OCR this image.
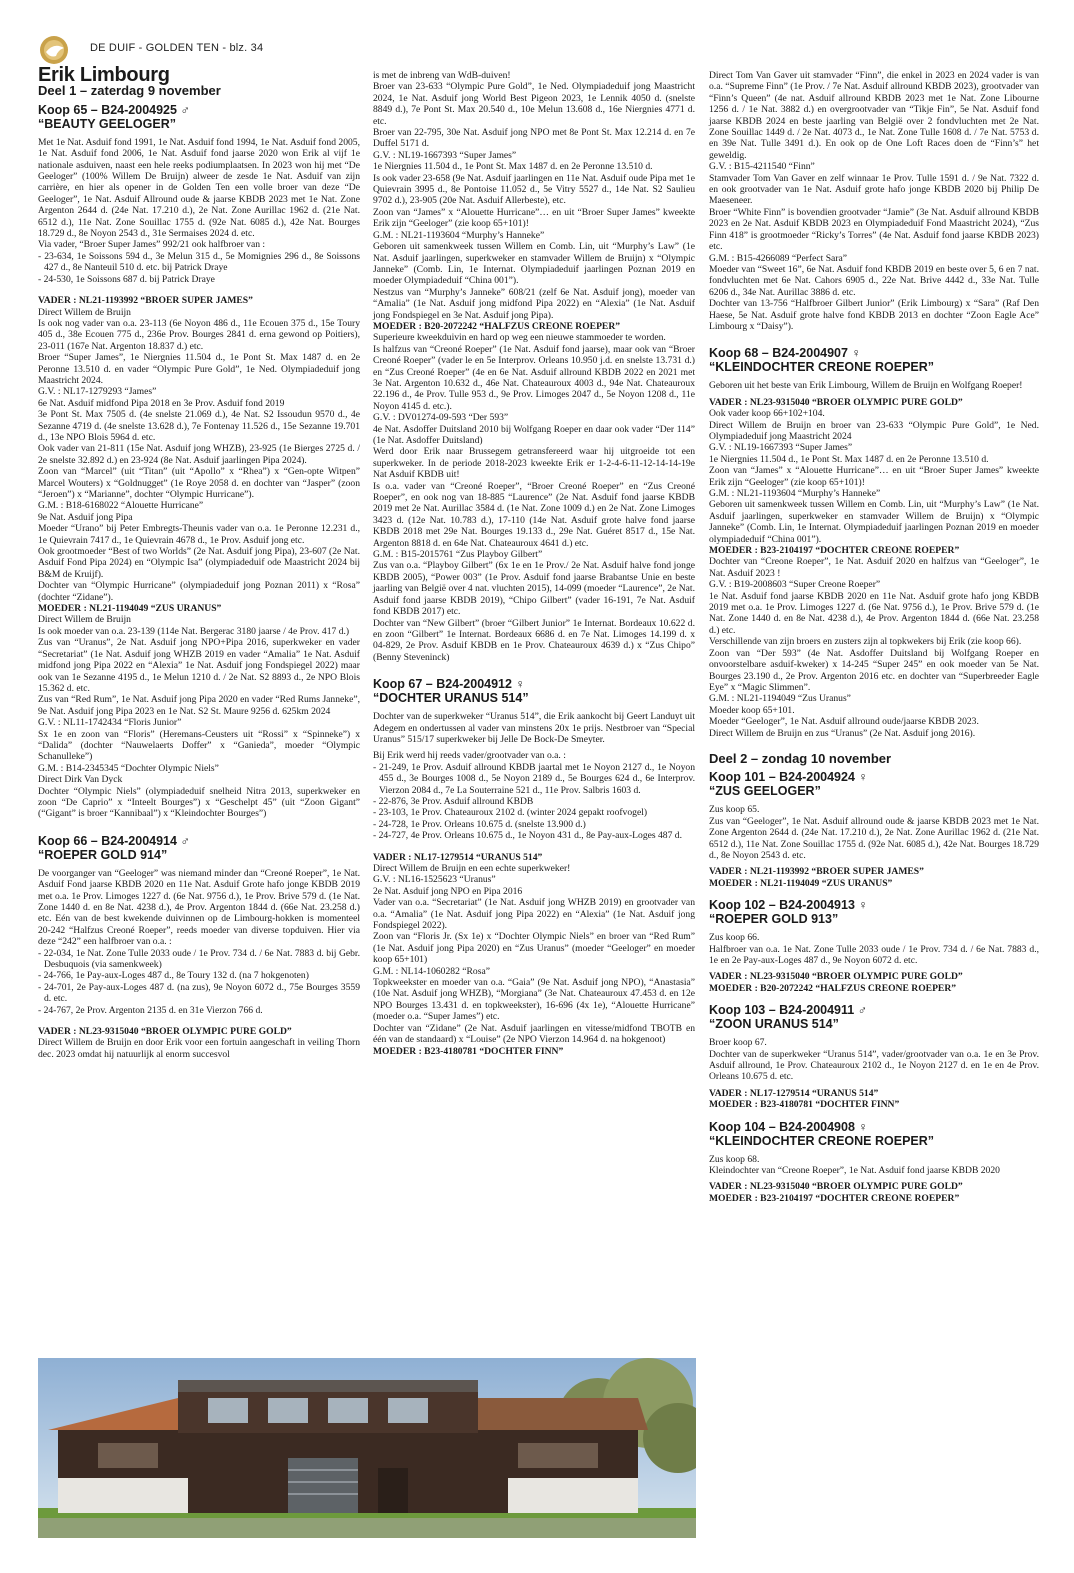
DE DUIF - GOLDEN TEN - blz. 34
Erik Limbourg
Deel 1 – zaterdag 9 november
Koop 65 – B24-2004925 ♂
“BEAUTY GEELOGER”

Met 1e Nat. Asduif fond 1991, 1e Nat. Asduif fond 1994, 1e Nat. Asduif fond 2005, 1e Nat. Asduif fond 2006, 1e Nat. Asduif fond jaarse 2020 won Erik al vijf 1e nationale asduiven, naast een hele reeks podiumplaatsen. In 2023 won hij met “De Geeloger” (100% Willem De Bruijn) alweer de zesde 1e Nat. Asduif van zijn carrière, en hier als opener in de Golden Ten een volle broer van deze “De Geeloger”, 1e Nat. Asduif Allround oude & jaarse KBDB 2023 met 1e Nat. Zone Argenton 2644 d. (24e Nat. 17.210 d.), 2e Nat. Zone Aurillac 1962 d. (21e Nat. 6512 d.), 11e Nat. Zone Souillac 1755 d. (92e Nat. 6085 d.), 42e Nat. Bourges 18.729 d., 8e Noyon 2543 d., 31e Sermaises 2024 d. etc.

Via vader, “Broer Super James” 992/21 ook halfbroer van :

- 23-634, 1e Soissons 594 d., 3e Melun 315 d., 5e Momignies 296 d., 8e Soissons 427 d., 8e Nanteuil 510 d. etc. bij Patrick Draye
- 24-530, 1e Soissons 687 d. bij Patrick Draye

VADER : NL21-1193992 “BROER SUPER JAMES”

Direct Willem de Bruijn
Is ook nog vader van o.a. 23-113 (6e Noyon 486 d., 11e Ecouen 375 d., 15e Toury 405 d., 38e Ecouen 775 d., 236e Prov. Bourges 2841 d. erna gewond op Poitiers), 23-011 (167e Nat. Argenton 18.837 d.) etc.
Broer “Super James”, 1e Niergnies 11.504 d., 1e Pont St. Max 1487 d. en 2e Peronne 13.510 d. en vader “Olympic Pure Gold”, 1e Ned. Olympiadeduif jong Maastricht 2024.
G.V. : NL17-1279293 “James”
6e Nat. Asduif midfond Pipa 2018 en 3e Prov. Asduif fond 2019
3e Pont St. Max 7505 d. (4e snelste 21.069 d.), 4e Nat. S2 Issoudun 9570 d., 4e Sezanne 4719 d. (4e snelste 13.628 d.), 7e Fontenay 11.526 d., 15e Sezanne 19.701 d., 13e NPO Blois 5964 d. etc.
Ook vader van 21-811 (15e Nat. Asduif jong WHZB), 23-925 (1e Bierges 2725 d. / 2e snelste 32.892 d.) en 23-924 (8e Nat. Asduif jaarlingen Pipa 2024).
Zoon van “Marcel” (uit “Titan” (uit “Apollo” x “Rhea”) x “Gen-opte Witpen” Marcel Wouters) x “Goldnugget” (1e Roye 2058 d. en dochter van “Jasper” (zoon “Jeroen”) x “Marianne”, dochter “Olympic Hurricane”).
G.M. : B18-6168022 “Alouette Hurricane”
9e Nat. Asduif jong Pipa
Moeder “Urano” bij Peter Embregts-Theunis vader van o.a. 1e Peronne 12.231 d., 1e Quievrain 7417 d., 1e Quievrain 4678 d., 1e Prov. Asduif jong etc.
Ook grootmoeder “Best of two Worlds” (2e Nat. Asduif jong Pipa), 23-607 (2e Nat. Asduif Fond Pipa 2024) en “Olympic Isa” (olympiadeduif ode Maastricht 2024 bij B&M de Kruijf).
Dochter van “Olympic Hurricane” (olympiadeduif jong Poznan 2011) x “Rosa” (dochter “Zidane”).

MOEDER : NL21-1194049 “ZUS URANUS”

Direct Willem de Bruijn
Is ook moeder van o.a. 23-139 (114e Nat. Bergerac 3180 jaarse / 4e Prov. 417 d.)
Zus van “Uranus”, 2e Nat. Asduif jong NPO+Pipa 2016, superkweker en vader “Secretariat” (1e Nat. Asduif jong WHZB 2019 en vader “Amalia” 1e Nat. Asduif midfond jong Pipa 2022 en “Alexia” 1e Nat. Asduif jong Fondspiegel 2022) maar ook van 1e Sezanne 4195 d., 1e Melun 1210 d. / 2e Nat. S2 8893 d., 2e NPO Blois 15.362 d. etc.
Zus van “Red Rum”, 1e Nat. Asduif jong Pipa 2020 en vader “Red Rums Janneke”, 9e Nat. Asduif jong Pipa 2023 en 1e Nat. S2 St. Maure 9256 d. 625km 2024
G.V. : NL11-1742434 “Floris Junior”
Sx 1e en zoon van “Floris” (Heremans-Ceusters uit “Rossi” x “Spinneke”) x “Dalida” (dochter “Nauwelaerts Doffer” x “Ganieda”, moeder “Olympic Schanulleke”)
G.M. : B14-2345345 “Dochter Olympic Niels”
Direct Dirk Van Dyck
Dochter “Olympic Niels” (olympiadeduif snelheid Nitra 2013, superkweker en zoon “De Caprio” x “Inteelt Bourges”) x “Geschelpt 45” (uit “Zoon Gigant” (“Gigant” is broer “Kannibaal”) x “Kleindochter Bourges”)

Koop 66 – B24-2004914 ♂
“ROEPER GOLD 914”

De voorganger van “Geeloger” was niemand minder dan “Creoné Roeper”, 1e Nat. Asduif Fond jaarse KBDB 2020 en 11e Nat. Asduif Grote hafo jonge KBDB 2019 met o.a. 1e Prov. Limoges 1227 d. (6e Nat. 9756 d.), 1e Prov. Brive 579 d. (1e Nat. Zone 1440 d. en 8e Nat. 4238 d.), 4e Prov. Argenton 1844 d. (66e Nat. 23.258 d.) etc. Eén van de best kwekende duivinnen op de Limbourg-hokken is momenteel 20-242 “Halfzus Creoné Roeper”, reeds moeder van diverse topduiven. Hier via deze “242” een halfbroer van o.a. :

- 22-034, 1e Nat. Zone Tulle 2033 oude / 1e Prov. 734 d. / 6e Nat. 7883 d. bij Gebr. Desbuquois (via samenkweek)
- 24-766, 1e Pay-aux-Loges 487 d., 8e Toury 132 d. (na 7 hokgenoten)
- 24-701, 2e Pay-aux-Loges 487 d. (na zus), 9e Noyon 6072 d., 75e Bourges 3559 d. etc.
- 24-767, 2e Prov. Argenton 2135 d. en 31e Vierzon 766 d.

VADER : NL23-9315040 “BROER OLYMPIC PURE GOLD”

Direct Willem de Bruijn en door Erik voor een fortuin aangeschaft in veiling Thorn dec. 2023 omdat hij natuurlijk al enorm succesvol

is met de inbreng van WdB-duiven!
Broer van 23-633 “Olympic Pure Gold”, 1e Ned. Olympiadeduif jong Maastricht 2024, 1e Nat. Asduif jong World Best Pigeon 2023, 1e Lennik 4050 d. (snelste 8849 d.), 7e Pont St. Max 20.540 d., 10e Melun 13.608 d., 16e Niergnies 4771 d. etc.
Broer van 22-795, 30e Nat. Asduif jong NPO met 8e Pont St. Max 12.214 d. en 7e Duffel 5171 d.
G.V. : NL19-1667393 “Super James”
1e Niergnies 11.504 d., 1e Pont St. Max 1487 d. en 2e Peronne 13.510 d.
Is ook vader 23-658 (9e Nat. Asduif jaarlingen en 11e Nat. Asduif oude Pipa met 1e Quievrain 3995 d., 8e Pontoise 11.052 d., 5e Vitry 5527 d., 14e Nat. S2 Saulieu 9702 d.), 23-905 (20e Nat. Asduif Allerbeste), etc.
Zoon van “James” x “Alouette Hurricane”… en uit “Broer Super James” kweekte Erik zijn “Geeloger” (zie koop 65+101)!
G.M. : NL21-1193604 “Murphy’s Hanneke”
Geboren uit samenkweek tussen Willem en Comb. Lin, uit “Murphy’s Law” (1e Nat. Asduif jaarlingen, superkweker en stamvader Willem de Bruijn) x “Olympic Janneke” (Comb. Lin, 1e Internat. Olympiadeduif jaarlingen Poznan 2019 en moeder Olympiadeduif “China 001”).
Nestzus van “Murphy’s Janneke” 608/21 (zelf 6e Nat. Asduif jong), moeder van “Amalia” (1e Nat. Asduif jong midfond Pipa 2022) en “Alexia” (1e Nat. Asduif jong Fondspiegel en 3e Nat. Asduif jong Pipa).

MOEDER : B20-2072242 “HALFZUS CREONE ROEPER”

Superieure kweekduivin en hard op weg een nieuwe stammoeder te worden.
Is halfzus van “Creoné Roeper” (1e Nat. Asduif fond jaarse), maar ook van “Broer Creoné Roeper” (vader le en 5e Interprov. Orleans 10.950 j.d. en snelste 13.731 d.) en “Zus Creoné Roeper” (4e en 6e Nat. Asduif allround KBDB 2022 en 2021 met 3e Nat. Argenton 10.632 d., 46e Nat. Chateauroux 4003 d., 94e Nat. Chateauroux 22.196 d., 4e Prov. Tulle 953 d., 9e Prov. Limoges 2047 d., 5e Noyon 1208 d., 11e Noyon 4145 d. etc.).
G.V. : DV01274-09-593 “Der 593”
4e Nat. Asdoffer Duitsland 2010 bij Wolfgang Roeper en daar ook vader “Der 114” (1e Nat. Asdoffer Duitsland)
Werd door Erik naar Brussegem getransfereerd waar hij uitgroeide tot een superkweker. In de periode 2018-2023 kweekte Erik er 1-2-4-6-11-12-14-14-19e Nat Asduif KBDB uit!
Is o.a. vader van “Creoné Roeper”, “Broer Creoné Roeper” en “Zus Creoné Roeper”, en ook nog van 18-885 “Laurence” (2e Nat. Asduif fond jaarse KBDB 2019 met 2e Nat. Aurillac 3584 d. (1e Nat. Zone 1009 d.) en 2e Nat. Zone Limoges 3423 d. (12e Nat. 10.783 d.), 17-110 (14e Nat. Asduif grote halve fond jaarse KBDB 2018 met 29e Nat. Bourges 19.133 d., 29e Nat. Guéret 8517 d., 15e Nat. Argenton 8818 d. en 64e Nat. Chateauroux 4641 d.) etc.
G.M. : B15-2015761 “Zus Playboy Gilbert”
Zus van o.a. “Playboy Gilbert” (6x 1e en 1e Prov./ 2e Nat. Asduif halve fond jonge KBDB 2005), “Power 003” (1e Prov. Asduif fond jaarse Brabantse Unie en beste jaarling van België over 4 nat. vluchten 2015), 14-099 (moeder “Laurence”, 2e Nat. Asduif fond jaarse KBDB 2019), “Chipo Gilbert” (vader 16-191, 7e Nat. Asduif fond KBDB 2017) etc.
Dochter van “New Gilbert” (broer “Gilbert Junior” 1e Internat. Bordeaux 10.622 d. en zoon “Gilbert” 1e Internat. Bordeaux 6686 d. en 7e Nat. Limoges 14.199 d. x 04-829, 2e Prov. Asduif KBDB en 1e Prov. Chateauroux 4639 d.) x “Zus Chipo” (Benny Steveninck)

Koop 67 – B24-2004912 ♀
“DOCHTER URANUS 514”

Dochter van de superkweker “Uranus 514”, die Erik aankocht bij Geert Landuyt uit Adegem en ondertussen al vader van minstens 20x 1e prijs. Nestbroer van “Special Uranus” 515/17 superkweker bij Jelle De Bock-De Smeyter.

Bij Erik werd hij reeds vader/grootvader van o.a. :

- 21-249, 1e Prov. Asduif allround KBDB jaartal met 1e Noyon 2127 d., 1e Noyon 455 d., 3e Bourges 1008 d., 5e Noyon 2189 d., 5e Bourges 624 d., 6e Interprov. Vierzon 2084 d., 7e La Souterraine 521 d., 11e Prov. Salbris 1603 d.
- 22-876, 3e Prov. Asduif allround KBDB
- 23-103, 1e Prov. Chateauroux 2102 d. (winter 2024 gepakt roofvogel)
- 24-728, 1e Prov. Orleans 10.675 d. (snelste 13.900 d.)
- 24-727, 4e Prov. Orleans 10.675 d., 1e Noyon 431 d., 8e Pay-aux-Loges 487 d.

VADER : NL17-1279514 “URANUS 514”

Direct Willem de Bruijn en een echte superkweker!
G.V. : NL16-1525623 “Uranus”
2e Nat. Asduif jong NPO en Pipa 2016
Vader van o.a. “Secretariat” (1e Nat. Asduif jong WHZB 2019) en grootvader van o.a. “Amalia” (1e Nat. Asduif jong Pipa 2022) en “Alexia” (1e Nat. Asduif jong Fondspiegel 2022).
Zoon van “Floris Jr. (Sx 1e) x “Dochter Olympic Niels” en broer van “Red Rum” (1e Nat. Asduif jong Pipa 2020) en “Zus Uranus” (moeder “Geeloger” en moeder koop 65+101)
G.M. : NL14-1060282 “Rosa”
Topkweekster en moeder van o.a. “Gaia” (9e Nat. Asduif jong NPO), “Anastasia” (10e Nat. Asduif jong WHZB), “Morgiana” (3e Nat. Chateauroux 47.453 d. en 12e NPO Bourges 13.431 d. en topkweekster), 16-696 (4x 1e), “Alouette Hurricane” (moeder o.a. “Super James”) etc.
Dochter van “Zidane” (2e Nat. Asduif jaarlingen en vitesse/midfond TBOTB en één van de standaard) x “Louise” (2e NPO Vierzon 14.964 d. na hokgenoot)

MOEDER : B23-4180781 “DOCHTER FINN”

Direct Tom Van Gaver uit stamvader “Finn”, die enkel in 2023 en 2024 vader is van o.a. “Supreme Finn” (1e Prov. / 7e Nat. Asduif allround KBDB 2023), grootvader van “Finn’s Queen” (4e nat. Asduif allround KBDB 2023 met 1e Nat. Zone Libourne 1256 d. / 1e Nat. 3882 d.) en overgrootvader van “Tikje Fin”, 5e Nat. Asduif fond jaarse KBDB 2024 en beste jaarling van België over 2 fondvluchten met 2e Nat. Zone Souillac 1449 d. / 2e Nat. 4073 d., 1e Nat. Zone Tulle 1608 d. / 7e Nat. 5753 d. en 39e Nat. Tulle 3491 d.). En ook op de One Loft Races doen de “Finn’s” het geweldig.
G.V. : B15-4211540 “Finn”
Stamvader Tom Van Gaver en zelf winnaar 1e Prov. Tulle 1591 d. / 9e Nat. 7322 d. en ook grootvader van 1e Nat. Asduif grote hafo jonge KBDB 2020 bij Philip De Maeseneer.
Broer “White Finn” is bovendien grootvader “Jamie” (3e Nat. Asduif allround KBDB 2023 en 2e Nat. Asduif KBDB 2023 en Olympiadeduif Fond Maastricht 2024), “Zus Finn 418” is grootmoeder “Ricky’s Torres” (4e Nat. Asduif fond jaarse KBDB 2023) etc.
G.M. : B15-4266089 “Perfect Sara”
Moeder van “Sweet 16”, 6e Nat. Asduif fond KBDB 2019 en beste over 5, 6 en 7 nat. fondvluchten met 6e Nat. Cahors 6905 d., 22e Nat. Brive 4442 d., 33e Nat. Tulle 6206 d., 34e Nat. Aurillac 3886 d. etc.
Dochter van 13-756 “Halfbroer Gilbert Junior” (Erik Limbourg) x “Sara” (Raf Den Haese, 5e Nat. Asduif grote halve fond KBDB 2013 en dochter “Zoon Eagle Ace” Limbourg x “Daisy”).

Koop 68 – B24-2004907 ♀
“KLEINDOCHTER CREONE ROEPER”

Geboren uit het beste van Erik Limbourg, Willem de Bruijn en Wolfgang Roeper!

VADER : NL23-9315040 “BROER OLYMPIC PURE GOLD”

Ook vader koop 66+102+104.
Direct Willem de Bruijn en broer van 23-633 “Olympic Pure Gold”, 1e Ned. Olympiadeduif jong Maastricht 2024
G.V. : NL19-1667393 “Super James”
1e Niergnies 11.504 d., 1e Pont St. Max 1487 d. en 2e Peronne 13.510 d.
Zoon van “James” x “Alouette Hurricane”… en uit “Broer Super James” kweekte Erik zijn “Geeloger” (zie koop 65+101)!
G.M. : NL21-1193604 “Murphy’s Hanneke”
Geboren uit samenkweek tussen Willem en Comb. Lin, uit “Murphy’s Law” (1e Nat. Asduif jaarlingen, superkweker en stamvader Willem de Bruijn) x “Olympic Janneke” (Comb. Lin, 1e Internat. Olympiadeduif jaarlingen Poznan 2019 en moeder olympiadeduif “China 001”).

MOEDER : B23-2104197 “DOCHTER CREONE ROEPER”

Dochter van “Creone Roeper”, 1e Nat. Asduif 2020 en halfzus van “Geeloger”, 1e Nat. Asduif 2023 !
G.V. : B19-2008603 “Super Creone Roeper”
1e Nat. Asduif fond jaarse KBDB 2020 en 11e Nat. Asduif grote hafo jong KBDB 2019 met o.a. 1e Prov. Limoges 1227 d. (6e Nat. 9756 d.), 1e Prov. Brive 579 d. (1e Nat. Zone 1440 d. en 8e Nat. 4238 d.), 4e Prov. Argenton 1844 d. (66e Nat. 23.258 d.) etc.
Verschillende van zijn broers en zusters zijn al topkwekers bij Erik (zie koop 66).
Zoon van “Der 593” (4e Nat. Asdoffer Duitsland bij Wolfgang Roeper en onvoorstelbare asduif-kweker) x 14-245 “Super 245” en ook moeder van 5e Nat. Bourges 23.190 d., 2e Prov. Argenton 2016 etc. en dochter van “Superbreeder Eagle Eye” x “Magic Slimmen”.
G.M. : NL21-1194049 “Zus Uranus”
Moeder koop 65+101.
Moeder “Geeloger”, 1e Nat. Asduif allround oude/jaarse KBDB 2023.
Direct Willem de Bruijn en zus “Uranus” (2e Nat. Asduif jong 2016).

Deel 2 – zondag 10 november
Koop 101 – B24-2004924 ♀
“ZUS GEELOGER”

Zus koop 65.
Zus van “Geeloger”, 1e Nat. Asduif allround oude & jaarse KBDB 2023 met 1e Nat. Zone Argenton 2644 d. (24e Nat. 17.210 d.), 2e Nat. Zone Aurillac 1962 d. (21e Nat. 6512 d.), 11e Nat. Zone Souillac 1755 d. (92e Nat. 6085 d.), 42e Nat. Bourges 18.729 d., 8e Noyon 2543 d. etc.

VADER : NL21-1193992 “BROER SUPER JAMES”

MOEDER : NL21-1194049 “ZUS URANUS”

Koop 102 – B24-2004913 ♀
“ROEPER GOLD 913”

Zus koop 66.
Halfbroer van o.a. 1e Nat. Zone Tulle 2033 oude / 1e Prov. 734 d. / 6e Nat. 7883 d., 1e en 2e Pay-aux-Loges 487 d., 9e Noyon 6072 d. etc.

VADER : NL23-9315040 “BROER OLYMPIC PURE GOLD”

MOEDER : B20-2072242 “HALFZUS CREONE ROEPER”

Koop 103 – B24-2004911 ♂
“ZOON URANUS 514”

Broer koop 67.
Dochter van de superkweker “Uranus 514”, vader/grootvader van o.a. 1e en 3e Prov. Asduif allround, 1e Prov. Chateauroux 2102 d., 1e Noyon 2127 d. en 1e en 4e Prov. Orleans 10.675 d. etc.

VADER : NL17-1279514 “URANUS 514”

MOEDER : B23-4180781 “DOCHTER FINN”

Koop 104 – B24-2004908 ♀
“KLEINDOCHTER CREONE ROEPER”

Zus koop 68.
Kleindochter van “Creone Roeper”, 1e Nat. Asduif fond jaarse KBDB 2020

VADER : NL23-9315040 “BROER OLYMPIC PURE GOLD”

MOEDER : B23-2104197 “DOCHTER CREONE ROEPER”
